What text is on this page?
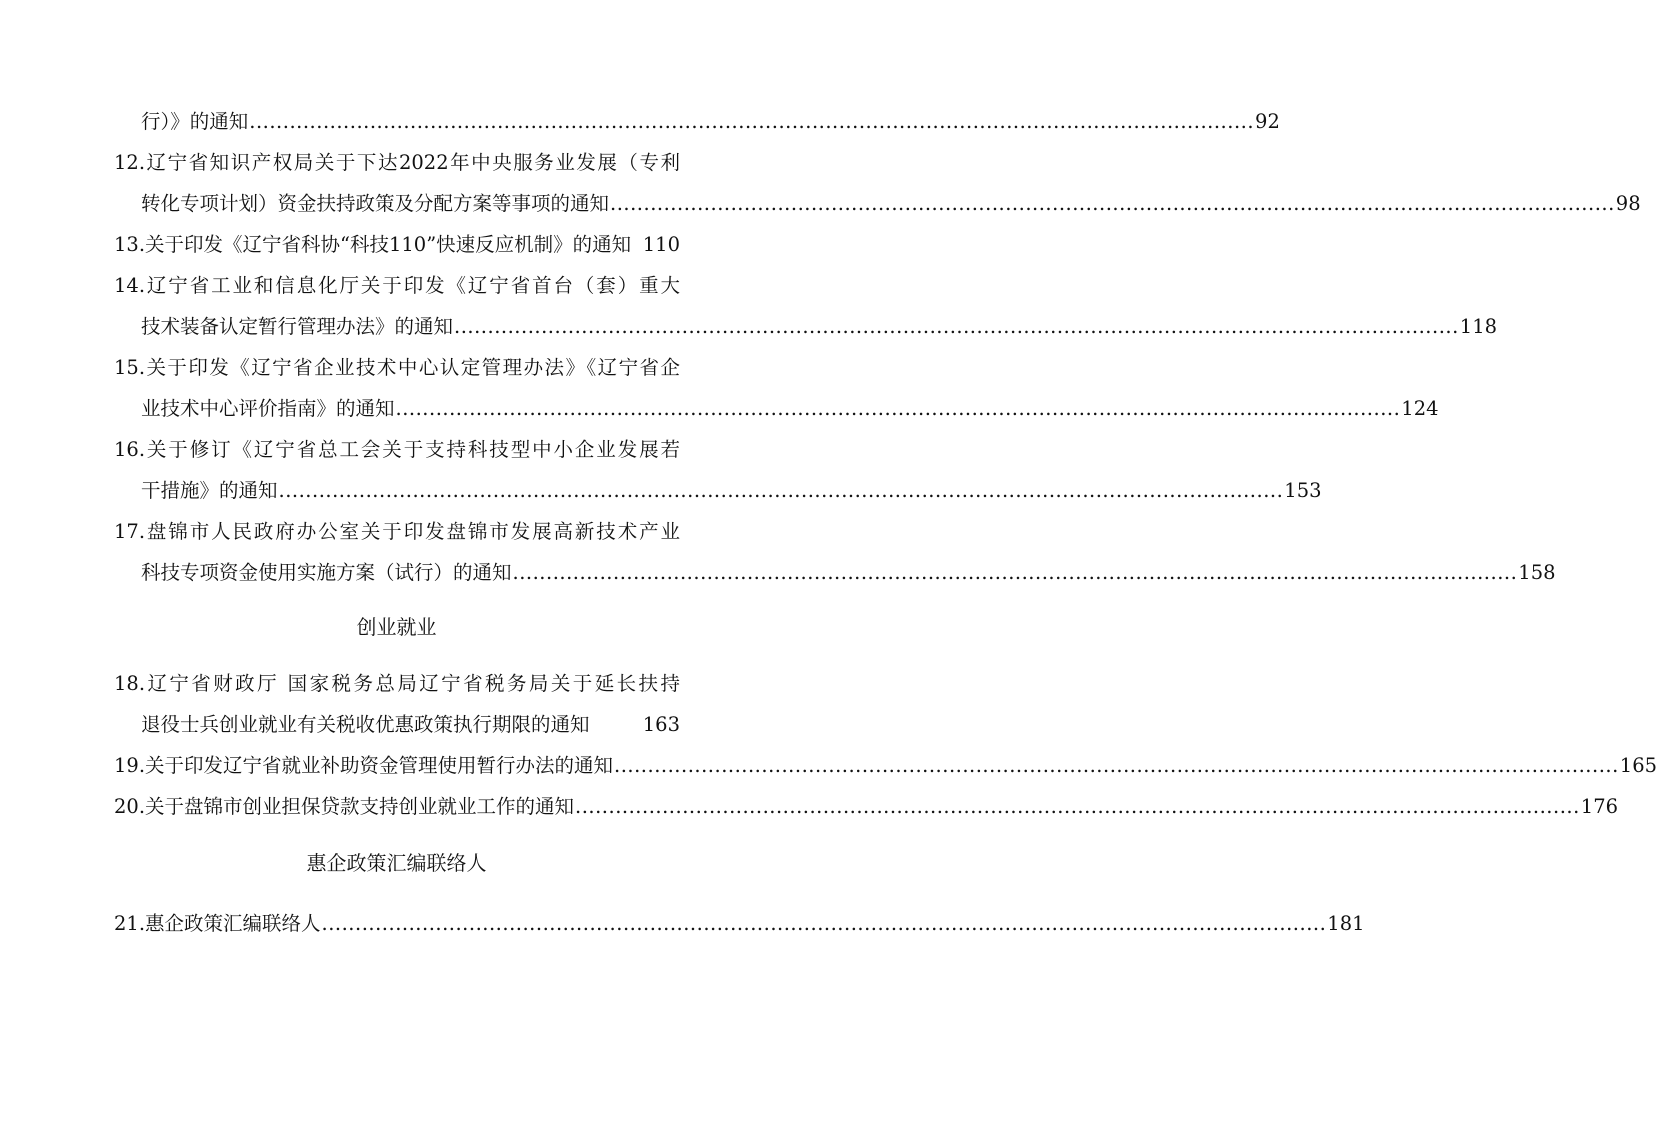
行）》的通知 ...................................................................................................................................................... 92
12.辽宁省知识产权局关于下达2022年中央服务业发展（专利
转化专项计划）资金扶持政策及分配方案等事项的通知 ...................................................................................................................................................... 98
13.关于印发《辽宁省科协“科技110”快速反应机制》的通知 110
14.辽宁省工业和信息化厅关于印发《辽宁省首台（套）重大
技术装备认定暂行管理办法》的通知 ...................................................................................................................................................... 118
15.关于印发《辽宁省企业技术中心认定管理办法》《辽宁省企
业技术中心评价指南》的通知 ...................................................................................................................................................... 124
16.关于修订《辽宁省总工会关于支持科技型中小企业发展若
干措施》的通知 ...................................................................................................................................................... 153
17.盘锦市人民政府办公室关于印发盘锦市发展高新技术产业
科技专项资金使用实施方案（试行）的通知 ...................................................................................................................................................... 158
创业就业
18.辽宁省财政厅 国家税务总局辽宁省税务局关于延长扶持
退役士兵创业就业有关税收优惠政策执行期限的通知	163
19.关于印发辽宁省就业补助资金管理使用暂行办法的通知 ...................................................................................................................................................... 165
20.关于盘锦市创业担保贷款支持创业就业工作的通知 ...................................................................................................................................................... 176
惠企政策汇编联络人
21.惠企政策汇编联络人 ...................................................................................................................................................... 181
